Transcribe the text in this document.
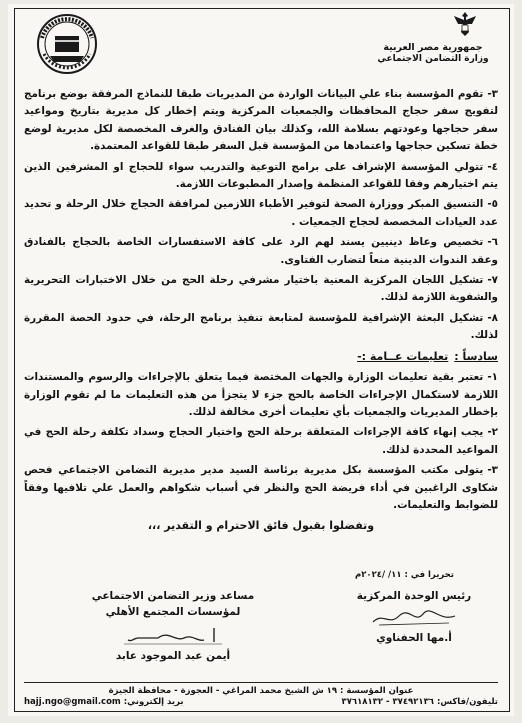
جمهورية مصر العربية
وزارة التضامن الاجتماعي

٣-تقوم المؤسسة بناء علي البيانات الواردة من المديريات طبقا للنماذج المرفقة بوضع برنامج لتفويج سفر حجاج المحافظات والجمعيات المركزية ويتم إخطار كل مديرية بتاريخ ومواعيد سفر حجاجها وعودتهم بسلامة الله، وكذلك بيان الفنادق والغرف المخصصة لكل مديرية لوضع خطة تسكين حجاجها واعتمادها من المؤسسة قبل السفر طبقا للقواعد المعتمدة.

٤-تتولي المؤسسة الإشراف على برامج التوعية والتدريب سواء للحجاج او المشرفين الذين يتم اختيارهم وفقا للقواعد المنظمة وإصدار المطبوعات اللازمة.

٥-التنسيق المبكر ووزارة الصحة لتوفير الأطباء اللازمين لمرافقة الحجاج خلال الرحلة و تحديد عدد العيادات المخصصة لحجاج الجمعيات .

٦-تخصيص وعاظ دينيين يسند لهم الرد على كافة الاستفسارات الخاصة بالحجاج بالفنادق وعقد الندوات الدينية منعاً لتضارب الفتاوى.

٧-تشكيل اللجان المركزية المعنية باختيار مشرفي رحلة الحج من خلال الاختبارات التحريرية والشفوية اللازمة لذلك.

٨-تشكيل البعثة الإشرافية للمؤسسة لمتابعة تنفيذ برنامج الرحلة، في حدود الحصة المقررة لذلك.

سادساً :تعليمات عــامة :-

١-تعتبر بقية تعليمات الوزارة والجهات المختصة فيما يتعلق بالإجراءات والرسوم والمستندات اللازمة لاستكمال الإجراءات الخاصة بالحج جزء لا يتجزأ من هذه التعليمات ما لم تقوم الوزارة بإخطار المديريات والجمعيات بأي تعليمات أخرى مخالفة لذلك.

٢-يجب إنهاء كافة الإجراءات المتعلقة برحلة الحج واختيار الحجاج وسداد تكلفة رحلة الحج في المواعيد المحددة لذلك.

٣-يتولى مكتب المؤسسة بكل مديرية برئاسة السيد مدير مديرية التضامن الاجتماعي فحص شكاوى الراغبين في أداء فريضة الحج والنظر في أسباب شكواهم والعمل علي تلافيها وفقاً للضوابط والتعليمات.

وتفضلوا بقبول فائق الاحترام و التقدير ،،،

تحريرا في : ١١/ /٢٠٢٤م
رئيس الوحدة المركزية
أ.مها الحفناوي
مساعد وزير التضامن الاجتماعي
لمؤسسات المجتمع الأهلي
أيمن عبد الموجود عابد
عنوان المؤسسة : ١٩ ش الشيخ محمد المراغي - العجوزة - محافظة الجيزة
تليفون/فاكس: ٣٧٤٩٢١٣٦ - ٣٧٦١٨١٣٢
بريد إلكتروني: hajj.ngo@gmail.com
